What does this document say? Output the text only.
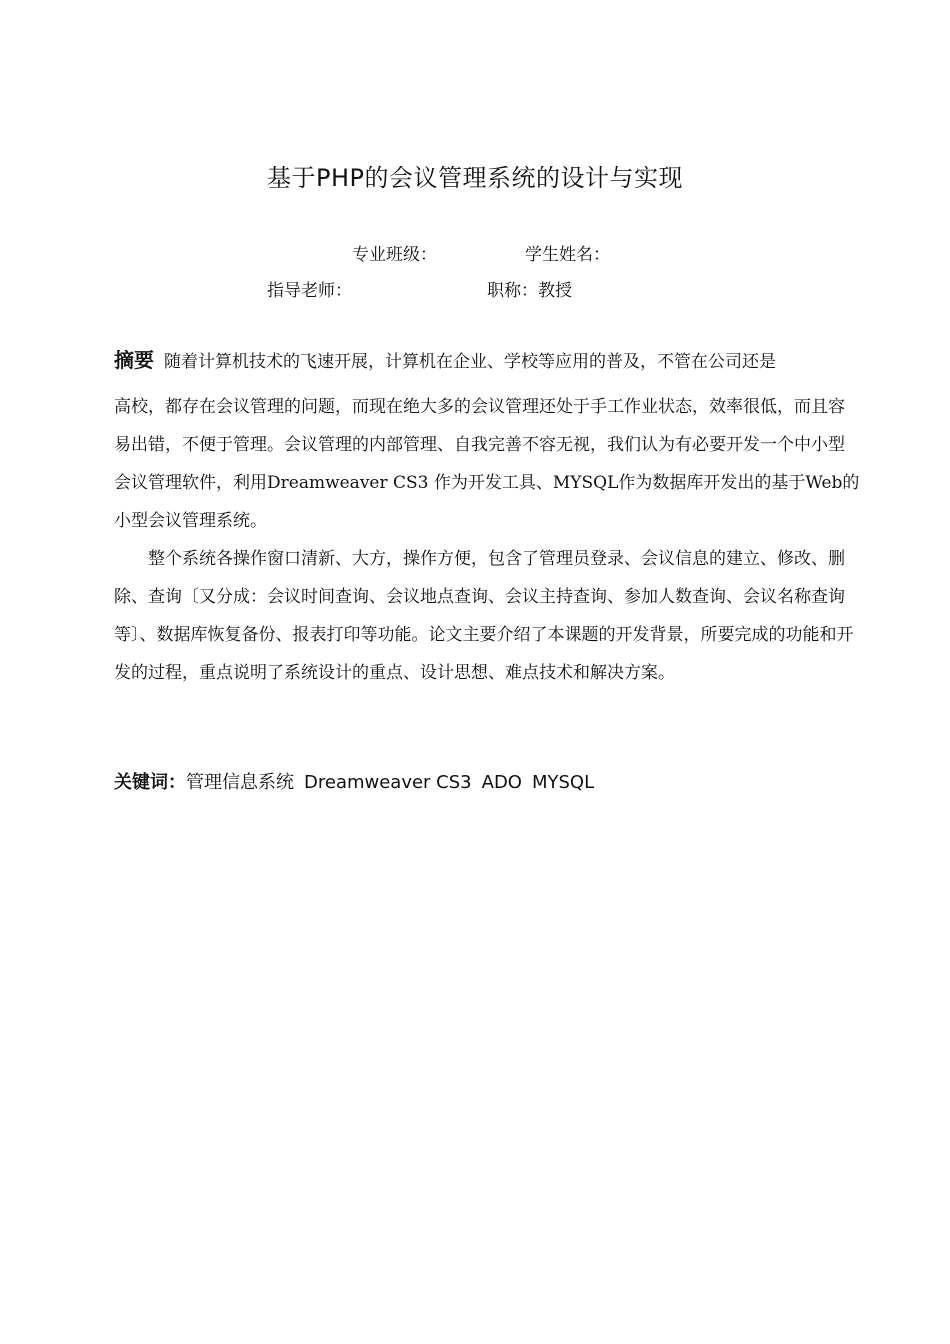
基于PHP的会议管理系统的设计与实现
专业班级：	学生姓名：
指导老师：	职称：教授

摘要 随着计算机技术的飞速开展，计算机在企业、学校等应用的普及，不管在公司还是

高校，都存在会议管理的问题，而现在绝大多的会议管理还处于手工作业状态，效率很低，而且容易出错，不便于管理。会议管理的内部管理、自我完善不容无视，我们认为有必要开发一个中小型会议管理软件，利用Dreamweaver CS3 作为开发工具、MYSQL作为数据库开发出的基于Web的小型会议管理系统。

整个系统各操作窗口清新、大方，操作方便，包含了管理员登录、会议信息的建立、修改、删除、查询〔又分成：会议时间查询、会议地点查询、会议主持查询、参加人数查询、会议名称查询等〕、数据库恢复备份、报表打印等功能。论文主要介绍了本课题的开发背景，所要完成的功能和开发的过程，重点说明了系统设计的重点、设计思想、难点技术和解决方案。

关键词：管理信息系统 Dreamweaver CS3 ADO MYSQL
